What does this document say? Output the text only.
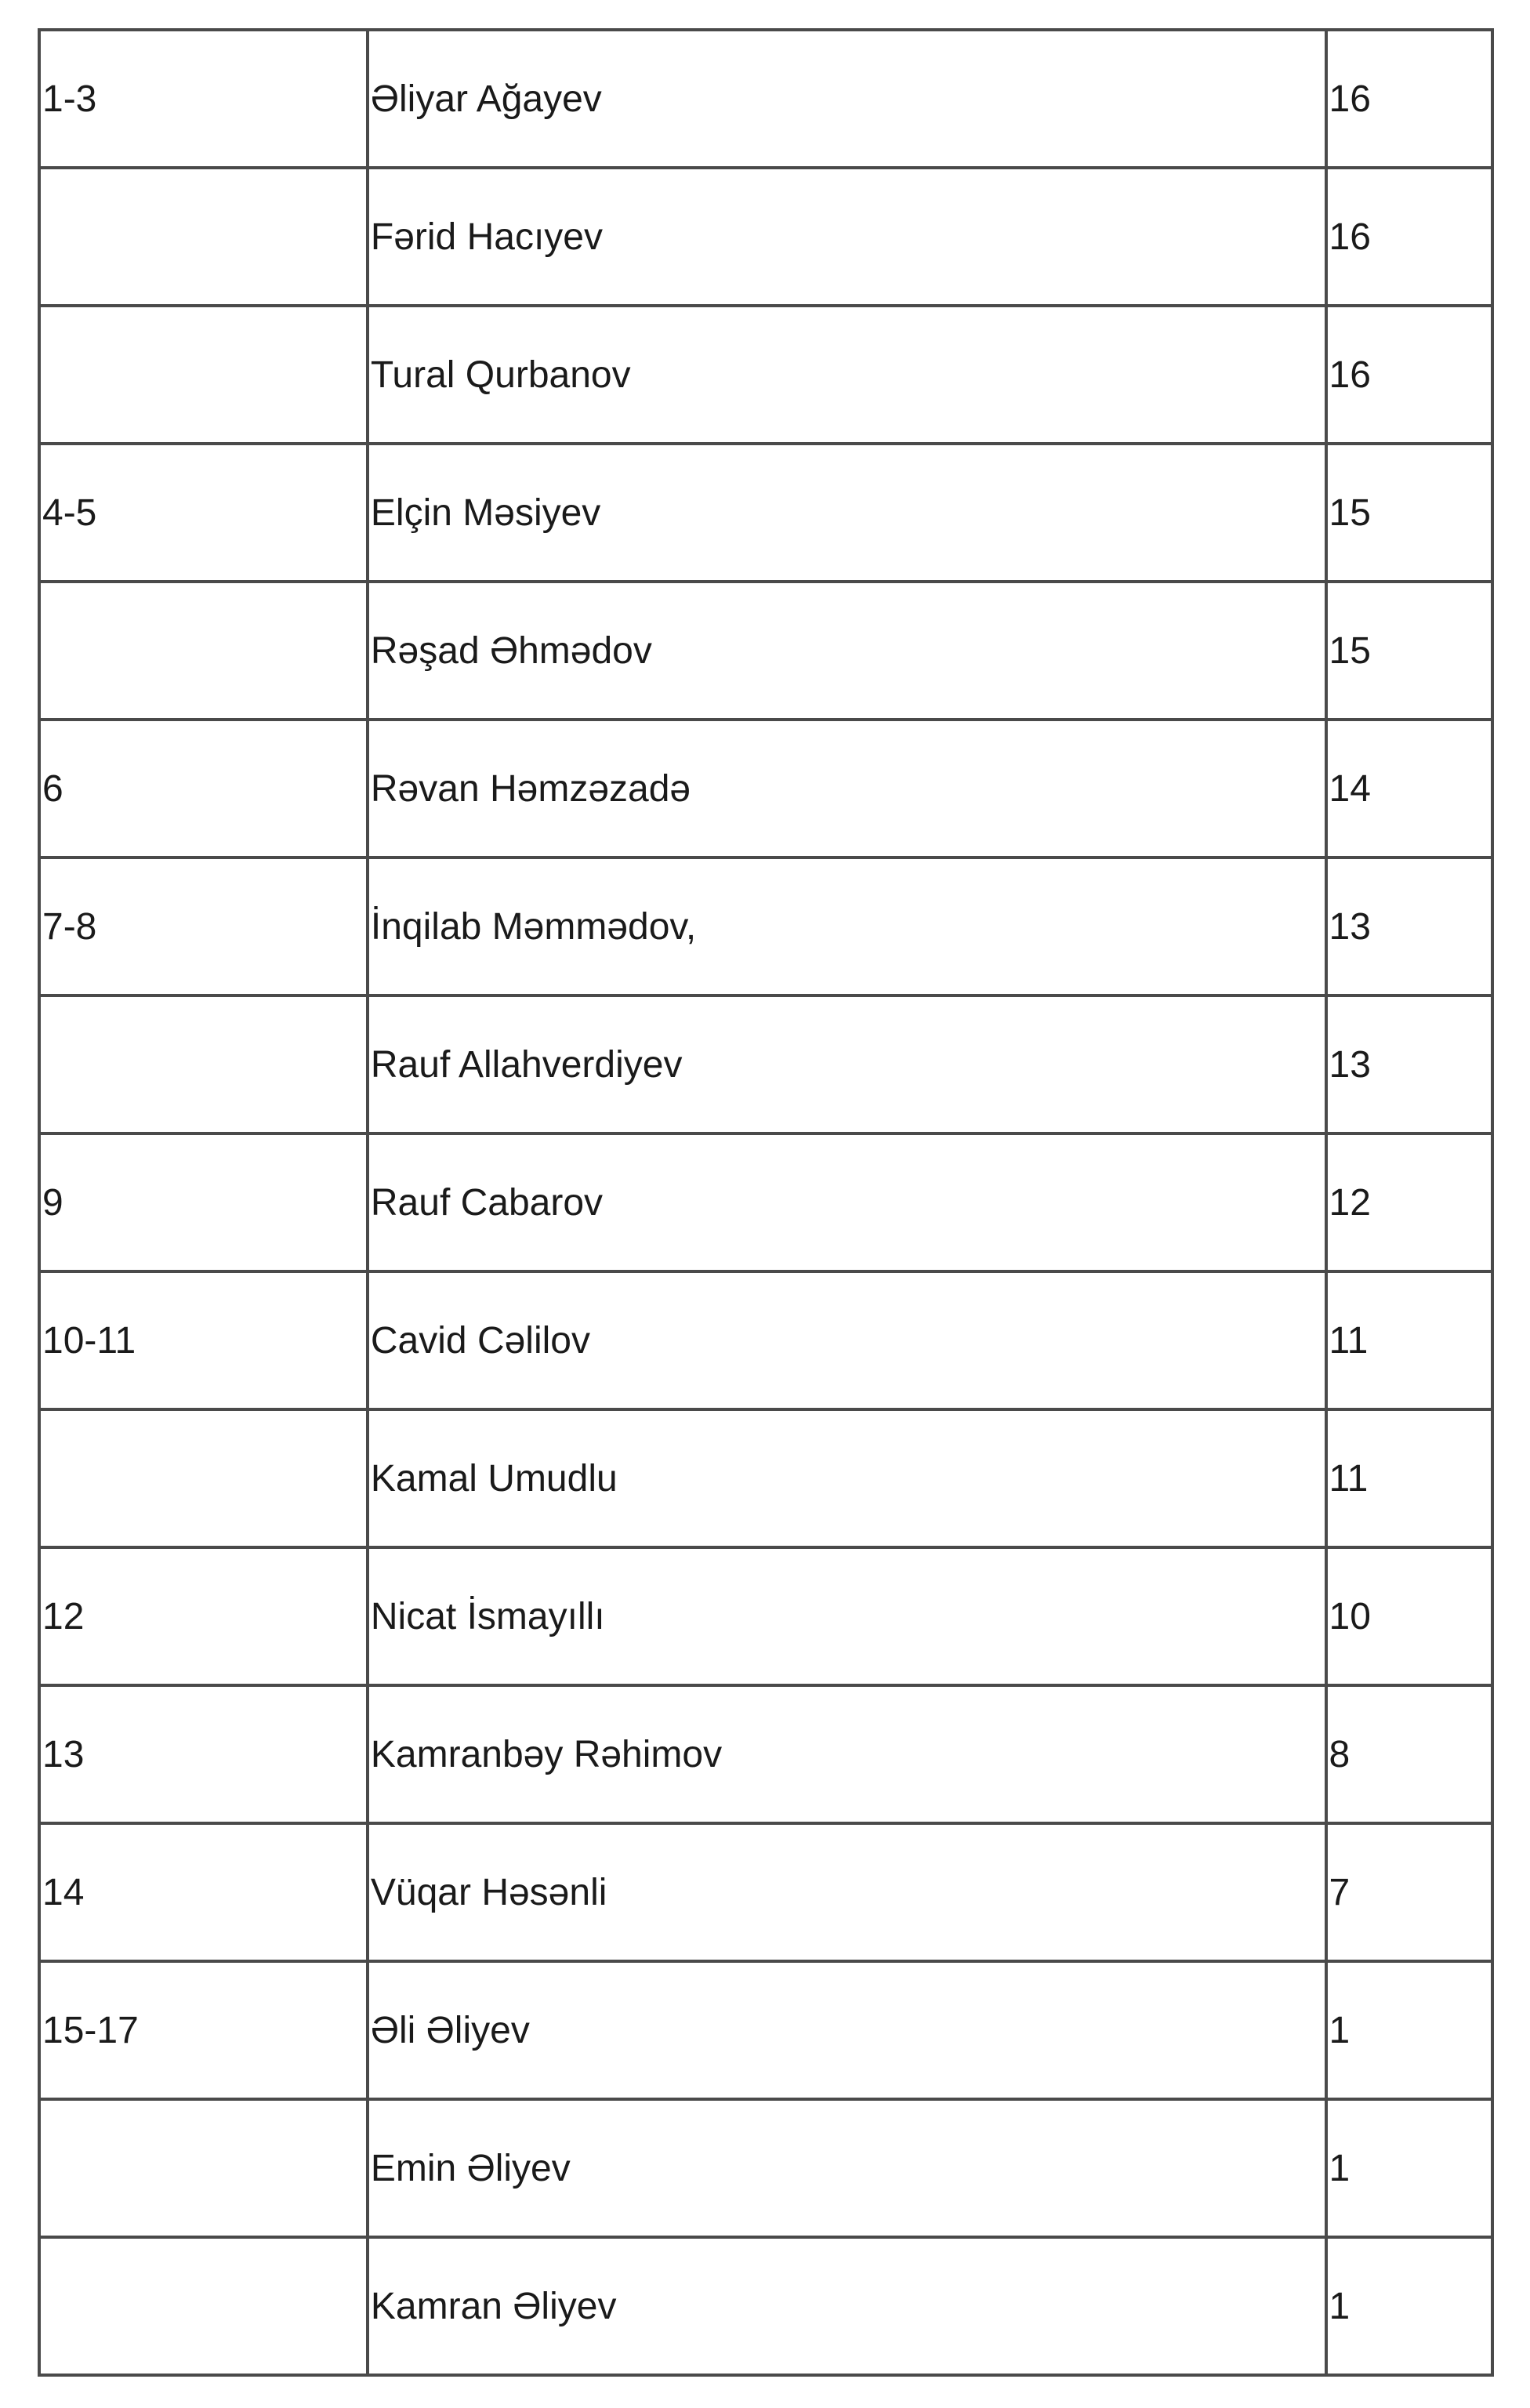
1-3	Əliyar Ağayev	16
	Fərid Hacıyev	16
	Tural Qurbanov	16
4-5	Elçin Məsiyev	15
	Rəşad Əhmədov	15
6	Rəvan Həmzəzadə	14
7-8	İnqilab Məmmədov,	13
	Rauf Allahverdiyev	13
9	Rauf Cabarov	12
10-11	Cavid Cəlilov	11
	Kamal Umudlu	11
12	Nicat İsmayıllı	10
13	Kamranbəy Rəhimov	8
14	Vüqar Həsənli	7
15-17	Əli Əliyev	1
	Emin Əliyev	1
	Kamran Əliyev	1
